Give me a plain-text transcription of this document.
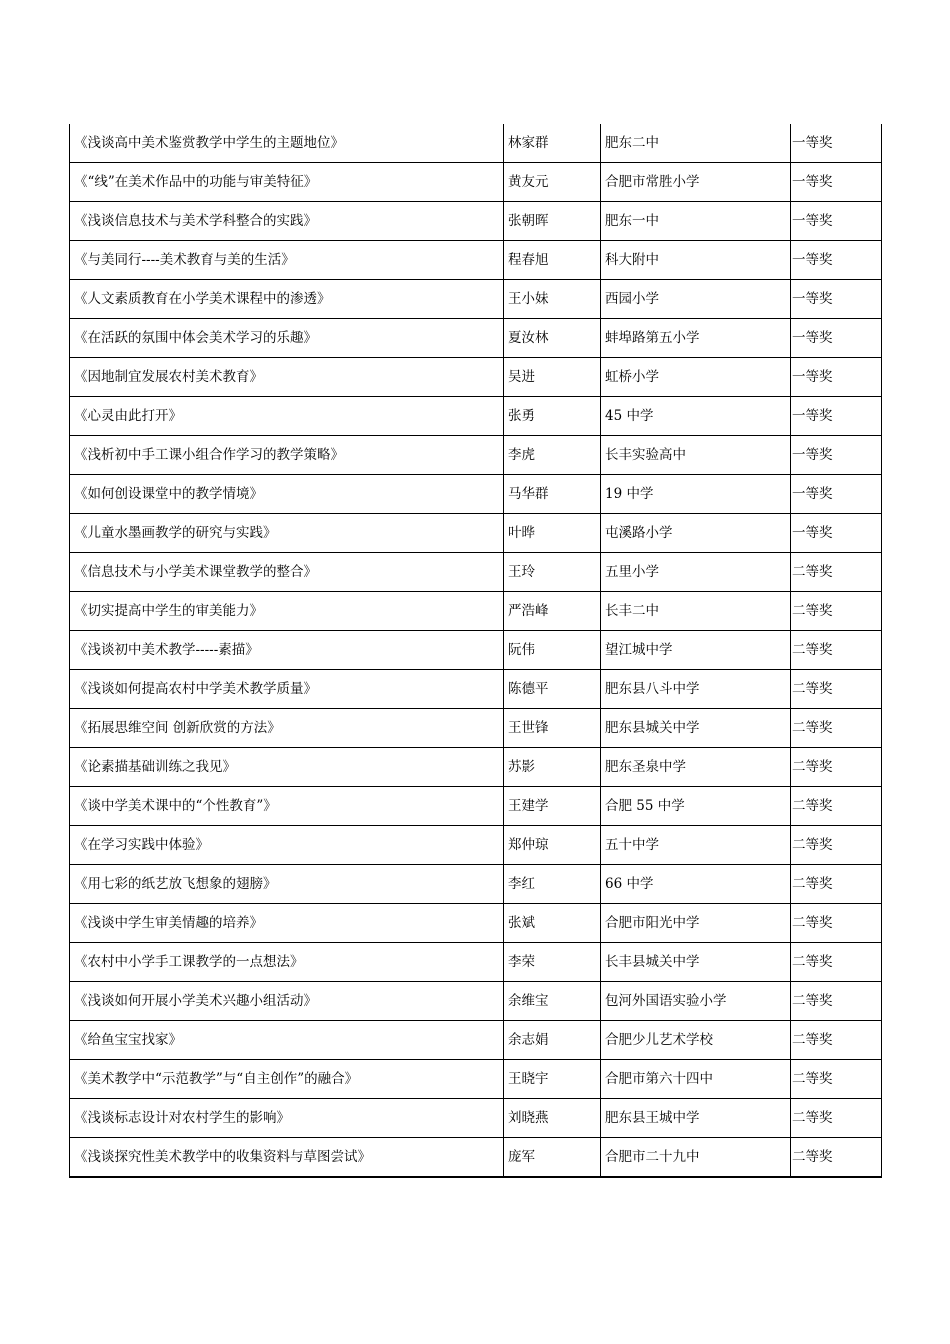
《浅谈高中美术鉴赏教学中学生的主题地位》	林家群	肥东二中	一等奖
《“线”在美术作品中的功能与审美特征》	黄友元	合肥市常胜小学	一等奖
《浅谈信息技术与美术学科整合的实践》	张朝晖	肥东一中	一等奖
《与美同行----美术教育与美的生活》	程春旭	科大附中	一等奖
《人文素质教育在小学美术课程中的渗透》	王小妹	西园小学	一等奖
《在活跃的氛围中体会美术学习的乐趣》	夏汝林	蚌埠路第五小学	一等奖
《因地制宜发展农村美术教育》	吴进	虹桥小学	一等奖
《心灵由此打开》	张勇	45 中学	一等奖
《浅析初中手工课小组合作学习的教学策略》	李虎	长丰实验高中	一等奖
《如何创设课堂中的教学情境》	马华群	19 中学	一等奖
《儿童水墨画教学的研究与实践》	叶晔	屯溪路小学	一等奖
《信息技术与小学美术课堂教学的整合》	王玲	五里小学	二等奖
《切实提高中学生的审美能力》	严浩峰	长丰二中	二等奖
《浅谈初中美术教学-----素描》	阮伟	望江城中学	二等奖
《浅谈如何提高农村中学美术教学质量》	陈德平	肥东县八斗中学	二等奖
《拓展思维空间 创新欣赏的方法》	王世锋	肥东县城关中学	二等奖
《论素描基础训练之我见》	苏影	肥东圣泉中学	二等奖
《谈中学美术课中的“个性教育”》	王建学	合肥 55 中学	二等奖
《在学习实践中体验》	郑仲琼	五十中学	二等奖
《用七彩的纸艺放飞想象的翅膀》	李红	66 中学	二等奖
《浅谈中学生审美情趣的培养》	张斌	合肥市阳光中学	二等奖
《农村中小学手工课教学的一点想法》	李荣	长丰县城关中学	二等奖
《浅谈如何开展小学美术兴趣小组活动》	余维宝	包河外国语实验小学	二等奖
《给鱼宝宝找家》	余志娟	合肥少儿艺术学校	二等奖
《美术教学中“示范教学”与“自主创作”的融合》	王晓宇	合肥市第六十四中	二等奖
《浅谈标志设计对农村学生的影响》	刘晓燕	肥东县王城中学	二等奖
《浅谈探究性美术教学中的收集资料与草图尝试》	庞军	合肥市二十九中	二等奖
